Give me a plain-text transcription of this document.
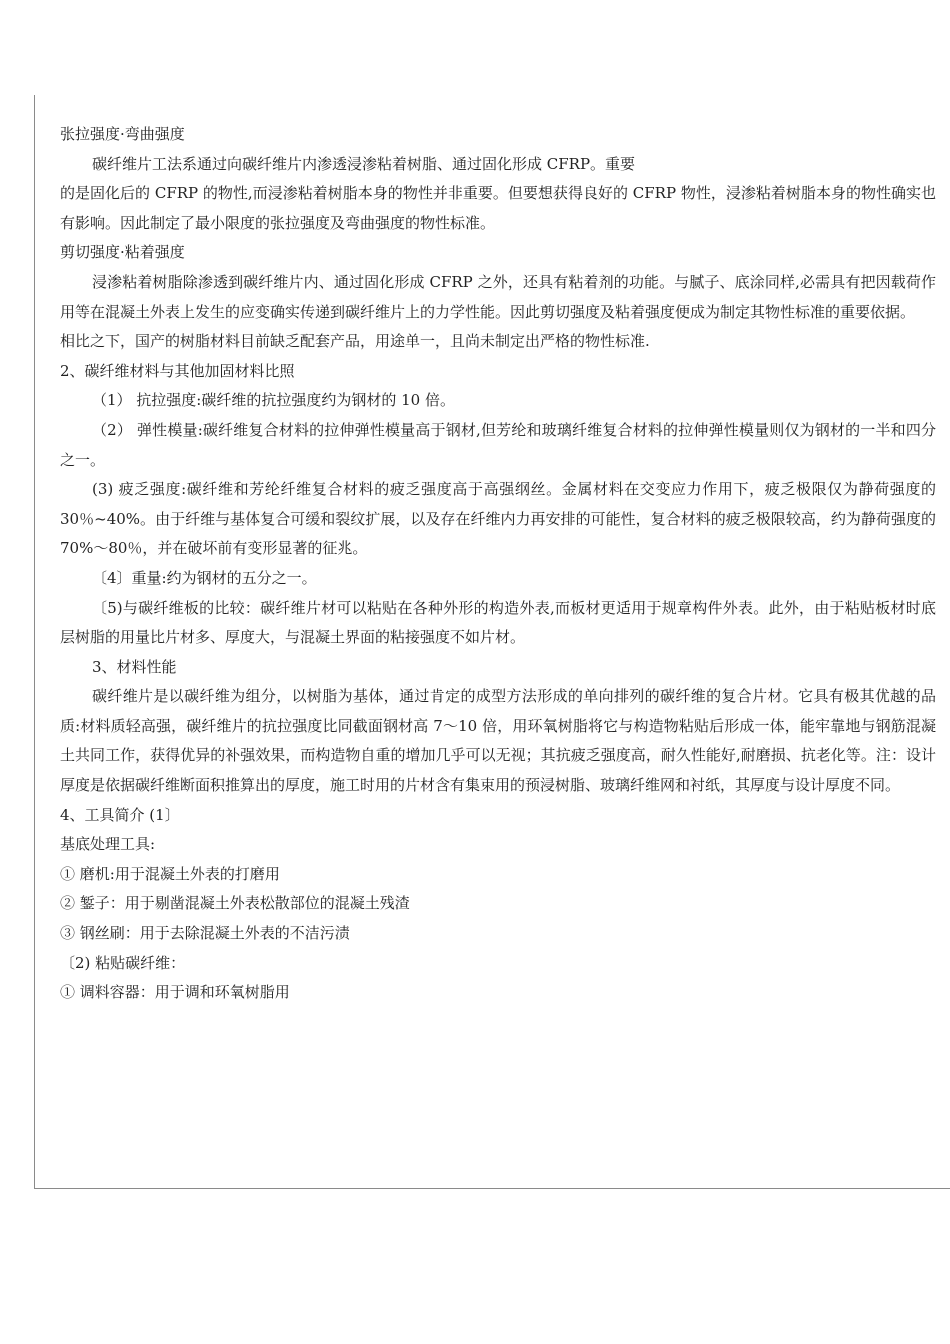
张拉强度·弯曲强度

碳纤维片工法系通过向碳纤维片内渗透浸渗粘着树脂、通过固化形成 CFRP。重要

的是固化后的 CFRP 的物性,而浸渗粘着树脂本身的物性并非重要。但要想获得良好的 CFRP 物性，浸渗粘着树脂本身的物性确实也有影响。因此制定了最小限度的张拉强度及弯曲强度的物性标准。

剪切强度·粘着强度

浸渗粘着树脂除渗透到碳纤维片内、通过固化形成 CFRP 之外，还具有粘着剂的功能。与腻子、底涂同样,必需具有把因载荷作用等在混凝土外表上发生的应变确实传递到碳纤维片上的力学性能。因此剪切强度及粘着强度便成为制定其物性标准的重要依据。

相比之下，国产的树脂材料目前缺乏配套产品，用途单一，且尚未制定出严格的物性标准.

2、碳纤维材料与其他加固材料比照

（1） 抗拉强度:碳纤维的抗拉强度约为钢材的 10 倍。

（2） 弹性模量:碳纤维复合材料的拉伸弹性模量高于钢材,但芳纶和玻璃纤维复合材料的拉伸弹性模量则仅为钢材的一半和四分之一。

(3) 疲乏强度:碳纤维和芳纶纤维复合材料的疲乏强度高于高强纲丝。金属材料在交变应力作用下，疲乏极限仅为静荷强度的 30％~40%。由于纤维与基体复合可缓和裂纹扩展，以及存在纤维内力再安排的可能性，复合材料的疲乏极限较高，约为静荷强度的 70%～80％，并在破坏前有变形显著的征兆。

〔4〕重量:约为钢材的五分之一。

〔5)与碳纤维板的比较：碳纤维片材可以粘贴在各种外形的构造外表,而板材更适用于规章构件外表。此外，由于粘贴板材时底层树脂的用量比片材多、厚度大，与混凝土界面的粘接强度不如片材。

3、材料性能

碳纤维片是以碳纤维为组分，以树脂为基体，通过肯定的成型方法形成的单向排列的碳纤维的复合片材。它具有极其优越的品质:材料质轻高强，碳纤维片的抗拉强度比同截面钢材高 7～10 倍，用环氧树脂将它与构造物粘贴后形成一体，能牢靠地与钢筋混凝土共同工作，获得优异的补强效果，而构造物自重的增加几乎可以无视；其抗疲乏强度高，耐久性能好,耐磨损、抗老化等。注：设计厚度是依据碳纤维断面积推算出的厚度，施工时用的片材含有集束用的预浸树脂、玻璃纤维网和衬纸，其厚度与设计厚度不同。

4、工具简介 (1〕

基底处理工具:

① 磨机:用于混凝土外表的打磨用

② 錾子：用于剔凿混凝土外表松散部位的混凝土残渣

③ 钢丝刷：用于去除混凝土外表的不洁污渍

〔2) 粘贴碳纤维：

① 调料容器：用于调和环氧树脂用
